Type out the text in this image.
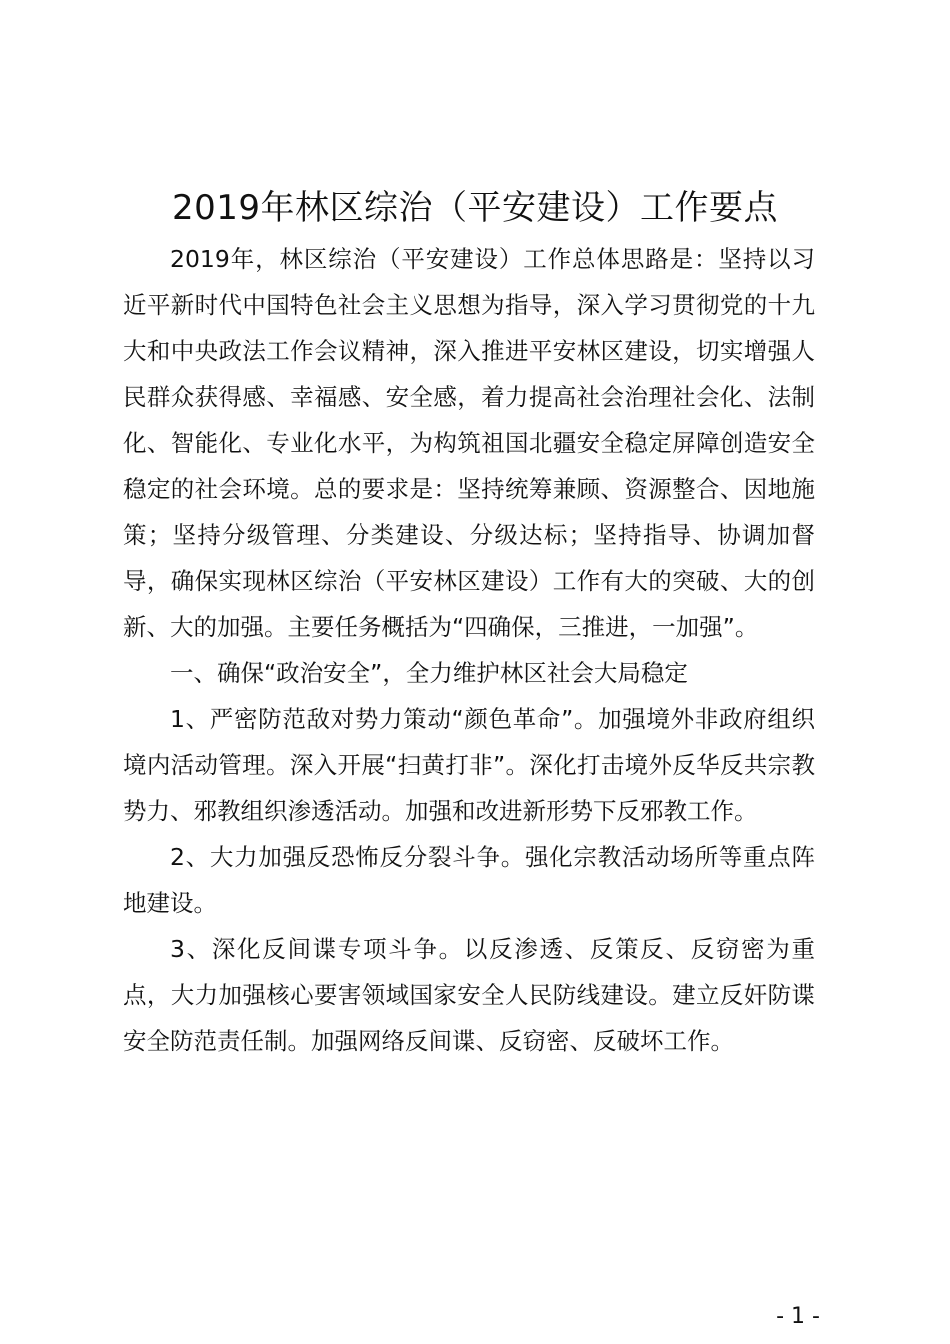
2019年林区综治（平安建设）工作要点

2019年，林区综治（平安建设）工作总体思路是：坚持以习近平新时代中国特色社会主义思想为指导，深入学习贯彻党的十九大和中央政法工作会议精神，深入推进平安林区建设，切实增强人民群众获得感、幸福感、安全感，着力提高社会治理社会化、法制化、智能化、专业化水平，为构筑祖国北疆安全稳定屏障创造安全稳定的社会环境。总的要求是：坚持统筹兼顾、资源整合、因地施策；坚持分级管理、分类建设、分级达标；坚持指导、协调加督导，确保实现林区综治（平安林区建设）工作有大的突破、大的创新、大的加强。主要任务概括为“四确保，三推进，一加强”。

一、确保“政治安全”，全力维护林区社会大局稳定

1、严密防范敌对势力策动“颜色革命”。加强境外非政府组织境内活动管理。深入开展“扫黄打非”。深化打击境外反华反共宗教势力、邪教组织渗透活动。加强和改进新形势下反邪教工作。

2、大力加强反恐怖反分裂斗争。强化宗教活动场所等重点阵地建设。

3、深化反间谍专项斗争。以反渗透、反策反、反窃密为重点，大力加强核心要害领域国家安全人民防线建设。建立反奸防谍安全防范责任制。加强网络反间谍、反窃密、反破坏工作。

- 1 -
